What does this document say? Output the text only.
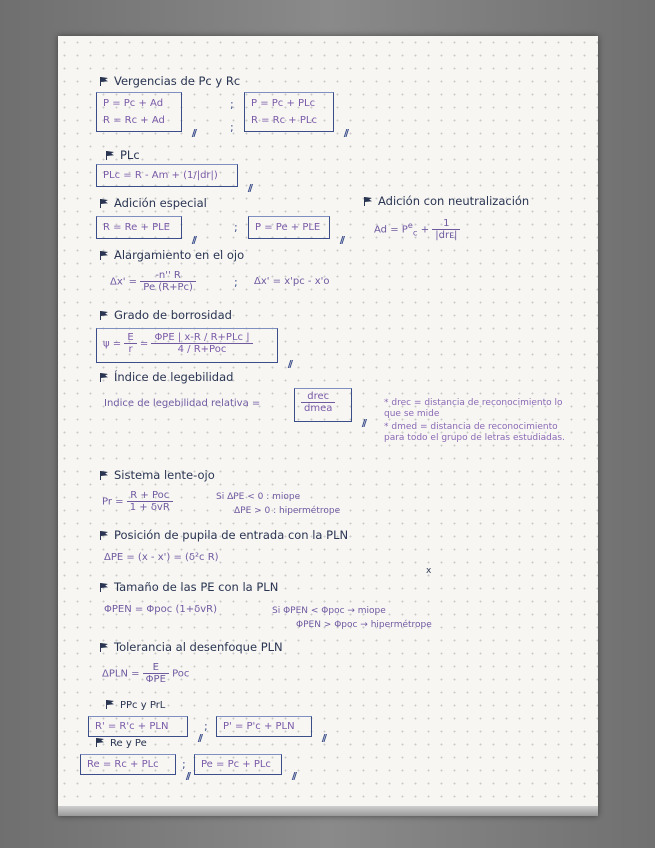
Vergencias de Pc y Rc
P = Pc + Ad
R = Rc + Ad
//
;
;
P = Pc + PLc
R = Rc + PLc
//
PLc
PLc = R - Am + (1/|dr|)
//
Adición especial
R = Re + PLE
//	; P = Pe + PLE
//
Adición con neutralización
$Ad = P^e_c + \frac{1}{\text{|drᴇ|}}$
Alargamiento en el ojo
$\Delta x' = \frac{-n'' R}{Pe (R+Pc)}$	; Δx' = x'pc - x'o
Grado de borrosidad
$\psi = \frac{E}{r} = \frac{\text{ΦPE | x-R / R+PLc |}}{\text{4 / R+Poc}}$
//
Índice de legebilidad
Indice de legebilidad relativa =	$\frac{\text{drec}}{\text{dmea}}$
//	* drec = distancia de reconocimiento lo que se mide
* dmed = distancia de reconocimiento para todo el grupo de letras estudiadas.
Sistema lente-ojo
$Pr = \frac{\text{R + Poc}}{\text{1 + δvR}}$	Si ΔPE < 0 : miope
ΔPE > 0 : hipermétrope
Posición de pupila de entrada con la PLN
ΔPE = (x - x') = (δ²c R)
Tamaño de las PE con la PLN
x
ΦPEN = Φpoc (1+δvR)	Si ΦPEN < Φpoc → miope
ΦPEN > Φpoc → hipermétrope
Tolerancia al desenfoque PLN
$\Delta PLN = \frac{E}{\text{ΦPE}}$ Poc
PPc y PrL
R' = R'c + PLN
//	; P' = P'c + PLN
//
Re y Pe
Re = Rc + PLc
//	; Pe = Pc + PLc
//
